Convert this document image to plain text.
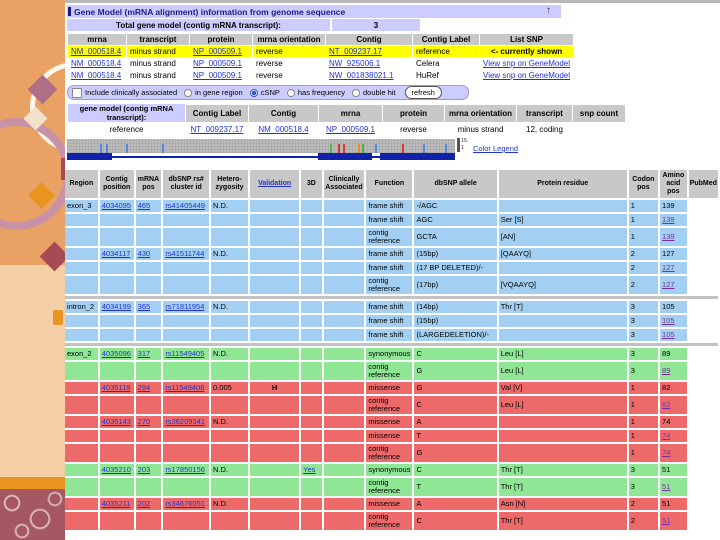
Gene Model (mRNA alignment) information from genome sequence	↑
Total gene model (contig mRNA transcript):	3
mrna	transcript	protein	mrna orientation	Contig	Contig Label	List SNP
NM_000518.4	minus strand	NP_000509.1	reverse	NT_009237.17	reference	<- currently shown
NM_000518.4	minus strand	NP_000509.1	reverse	NW_925006.1	Celera	View snp on GeneModel
NM_000518.4	minus strand	NP_000509.1	reverse	NW_001838021.1	HuRef	View snp on GeneModel
Include clinically associated in gene region cSNP has frequency double hit	refresh
gene model (contig mRNA transcript):							
	Contig Label	Contig	mrna	protein	mrna orientation	transcript	snp count
reference	NT_009237.17	NM_000518.4	NP_000509.1	reverse	minus strand	12, coding	
15
1	Color Legend
Region	Contig position	mRNA pos	dbSNP rs# cluster id	Hetero-zygosity	Validation	3D	Clinically Associated	Function	dbSNP allele	Protein residue	Codon pos	Amino acid pos	PubMed
exon_3	4034095	465	rs41405449	N.D.				frame shift	-/AGC		1	139	
								frame shift	AGC	Ser [S]	1	139	
								contig reference	GCTA	[AN]	1	139	
	4034117	430	rs41511744	N.D.				frame shift	(15bp)	[QAAYQ]	2	127	
								frame shift	(17 BP DELETED)/-		2	127	
								contig reference	(17bp)	[VQAAYQ]	2	127	

intron_2	4034199	365	rs71811954	N.D.				frame shift	(14bp)	Thr [T]	3	105	
								frame shift	(15bp)		3	105	
								frame shift	(LARGEDELETION)/-		3	105	

exon_2	4035096	317	rs11549405	N.D.				synonymous	C	Leu [L]	3	89	
								contig reference	G	Leu [L]	3	89	
	4035119	294	rs11549406	0.005	H			missense	G	Val [V]	1	82	
								contig reference	C	Leu [L]	1	82	
	4035143	270	rs36209341	N.D.				missense	A		1	74	
								missense	T		1	74	
								contig reference	G		1	74	
	4035210	203	rs17850156	N.D.		Yes		synonymous	C	Thr [T]	3	51	
								contig reference	T	Thr [T]	3	51	
	4035211	202	rs34676051	N.D.				missense	A	Asn [N]	2	51	
								contig reference	C	Thr [T]	2	51	
